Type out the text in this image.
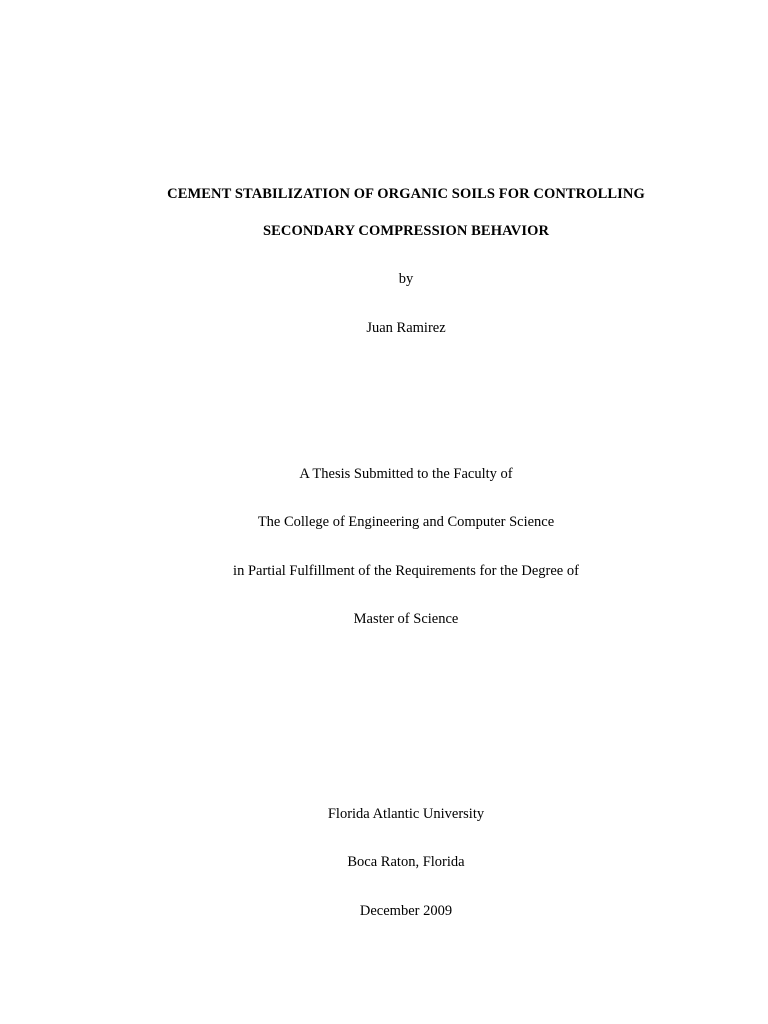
CEMENT STABILIZATION OF ORGANIC SOILS FOR CONTROLLING
SECONDARY COMPRESSION BEHAVIOR
by
Juan Ramirez
A Thesis Submitted to the Faculty of
The College of Engineering and Computer Science
in Partial Fulfillment of the Requirements for the Degree of
Master of Science
Florida Atlantic University
Boca Raton, Florida
December 2009
